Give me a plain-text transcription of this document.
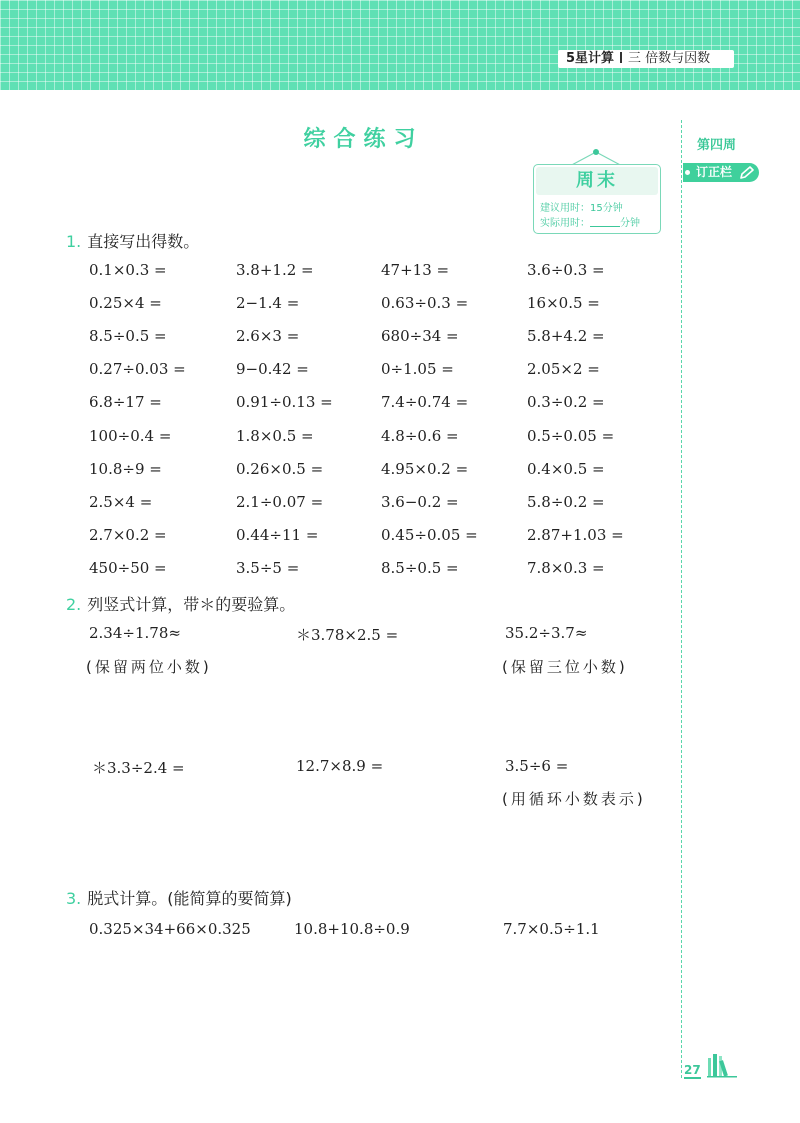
5星计算 三 倍数与因数
综合练习	第四周
订正栏
周末
建议用时：15分钟
实际用时：	分钟
1. 直接写出得数。
0.1×0.3 =	3.8+1.2 =	47+13 =	3.6÷0.3 =
0.25×4 =	2−1.4 =	0.63÷0.3 =	16×0.5 =
8.5÷0.5 =	2.6×3 =	680÷34 =	5.8+4.2 =
0.27÷0.03 =	9−0.42 =	0÷1.05 =	2.05×2 =
6.8÷17 =	0.91÷0.13 =	7.4÷0.74 =	0.3÷0.2 =
100÷0.4 =	1.8×0.5 =	4.8÷0.6 =	0.5÷0.05 =
10.8÷9 =	0.26×0.5 =	4.95×0.2 =	0.4×0.5 =
2.5×4 =	2.1÷0.07 =	3.6−0.2 =	5.8÷0.2 =
2.7×0.2 =	0.44÷11 =	0.45÷0.05 =	2.87+1.03 =
450÷50 =	3.5÷5 =	8.5÷0.5 =	7.8×0.3 =
2. 列竖式计算，带＊的要验算。
2.34÷1.78≈	＊3.78×2.5 =	35.2÷3.7≈
(保留两位小数)	(保留三位小数)
＊3.3÷2.4 =	12.7×8.9 =	3.5÷6 =
(用循环小数表示)
3. 脱式计算。(能简算的要简算)
0.325×34+66×0.325	10.8+10.8÷0.9	7.7×0.5÷1.1
27
